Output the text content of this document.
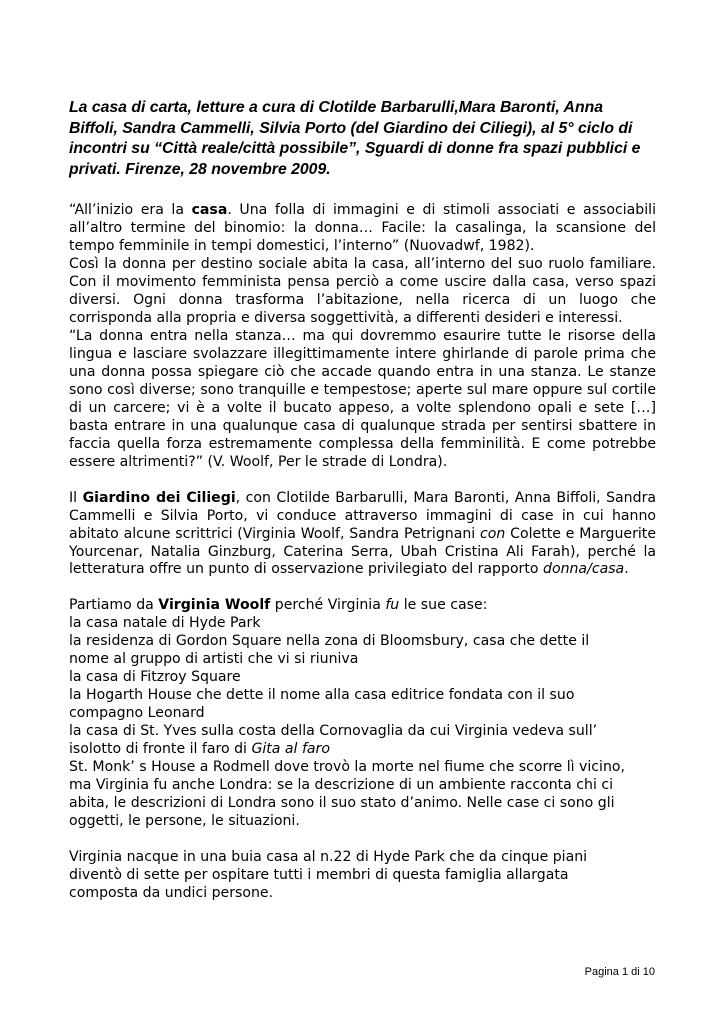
La casa di carta, letture a cura di Clotilde Barbarulli,Mara Baronti, Anna Biffoli, Sandra Cammelli, Silvia Porto (del Giardino dei Ciliegi), al 5° ciclo di incontri su “Città reale/città possibile”, Sguardi di donne fra spazi pubblici e privati. Firenze, 28 novembre 2009.

“All’inizio era la casa. Una folla di immagini e di stimoli associati e associabili all’altro termine del binomio: la donna… Facile: la casalinga, la scansione del tempo femminile in tempi domestici, l’interno” (Nuovadwf, 1982).
Così la donna per destino sociale abita la casa, all’interno del suo ruolo familiare. Con il movimento femminista pensa perciò a come uscire dalla casa, verso spazi diversi. Ogni donna trasforma l’abitazione, nella ricerca di un luogo che corrisponda alla propria e diversa soggettività, a differenti desideri e interessi.
“La donna entra nella stanza… ma qui dovremmo esaurire tutte le risorse della lingua e lasciare svolazzare illegittimamente intere ghirlande di parole prima che una donna possa spiegare ciò che accade quando entra in una stanza. Le stanze sono così diverse; sono tranquille e tempestose; aperte sul mare oppure sul cortile di un carcere; vi è a volte il bucato appeso, a volte splendono opali e sete […] basta entrare in una qualunque casa di qualunque strada per sentirsi sbattere in faccia quella forza estremamente complessa della femminilità. E come potrebbe essere altrimenti?” (V. Woolf, Per le strade di Londra).
Il Giardino dei Ciliegi, con Clotilde Barbarulli, Mara Baronti, Anna Biffoli, Sandra Cammelli e Silvia Porto, vi conduce attraverso immagini di case in cui hanno abitato alcune scrittrici (Virginia Woolf, Sandra Petrignani con Colette e Marguerite Yourcenar, Natalia Ginzburg, Caterina Serra, Ubah Cristina Ali Farah), perché la letteratura offre un punto di osservazione privilegiato del rapporto donna/casa.
Partiamo da Virginia Woolf perché Virginia fu le sue case:
la casa natale di Hyde Park
la residenza di Gordon Square nella zona di Bloomsbury, casa che dette il
nome al gruppo di artisti che vi si riuniva
la casa di Fitzroy Square
la Hogarth House che dette il nome alla casa editrice fondata con il suo
compagno Leonard
la casa di St. Yves sulla costa della Cornovaglia da cui Virginia vedeva sull’
isolotto di fronte il faro di Gita al faro
St. Monk’ s House a Rodmell dove trovò la morte nel fiume che scorre lì vicino,
ma Virginia fu anche Londra: se la descrizione di un ambiente racconta chi ci
abita, le descrizioni di Londra sono il suo stato d’animo. Nelle case ci sono gli
oggetti, le persone, le situazioni.
Virginia nacque in una buia casa al n.22 di Hyde Park che da cinque piani
diventò di sette per ospitare tutti i membri di questa famiglia allargata
composta da undici persone.
Pagina 1 di 10
